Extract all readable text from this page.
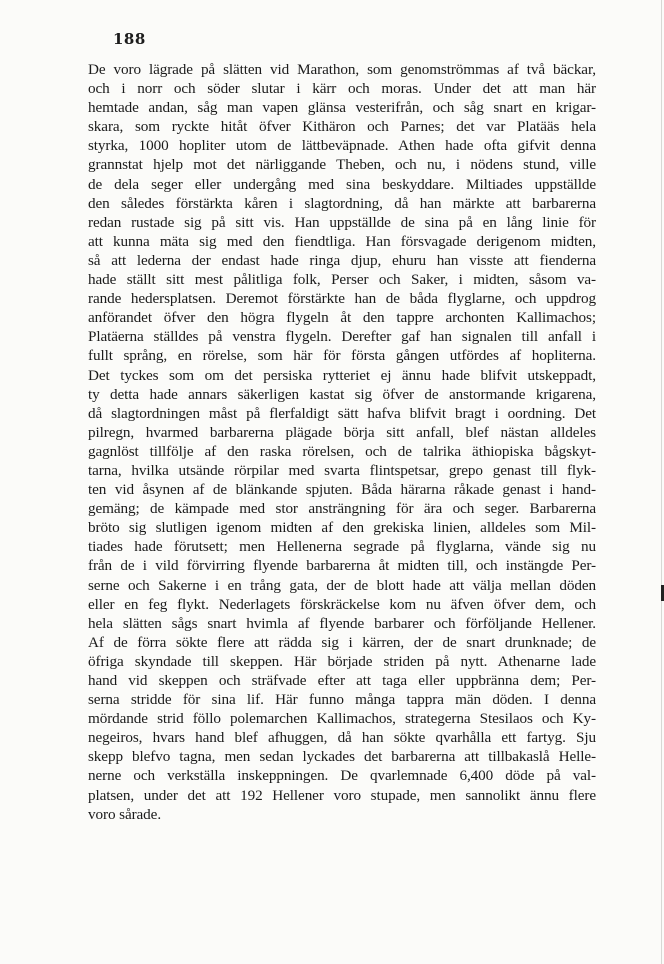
188
De voro lägrade på slätten vid Marathon, som genomströmmas af två bäckar,
och i norr och söder slutar i kärr och moras. Under det att man här
hemtade andan, såg man vapen glänsa vesterifrån, och såg snart en krigar-
skara, som ryckte hitåt öfver Kithäron och Parnes; det var Platääs hela
styrka, 1000 hopliter utom de lättbeväpnade. Athen hade ofta gifvit denna
grannstat hjelp mot det närliggande Theben, och nu, i nödens stund, ville
de dela seger eller undergång med sina beskyddare. Miltiades uppställde
den således förstärkta kåren i slagtordning, då han märkte att barbarerna
redan rustade sig på sitt vis. Han uppställde de sina på en lång linie för
att kunna mäta sig med den fiendtliga. Han försvagade derigenom midten,
så att lederna der endast hade ringa djup, ehuru han visste att fienderna
hade ställt sitt mest pålitliga folk, Perser och Saker, i midten, såsom va-
rande hedersplatsen. Deremot förstärkte han de båda flyglarne, och uppdrog
anförandet öfver den högra flygeln åt den tappre archonten Kallimachos;
Platäerna ställdes på venstra flygeln. Derefter gaf han signalen till anfall i
fullt språng, en rörelse, som här för första gången utfördes af hopliterna.
Det tyckes som om det persiska rytteriet ej ännu hade blifvit utskeppadt,
ty detta hade annars säkerligen kastat sig öfver de anstormande krigarena,
då slagtordningen måst på flerfaldigt sätt hafva blifvit bragt i oordning. Det
pilregn, hvarmed barbarerna plägade börja sitt anfall, blef nästan alldeles
gagnlöst tillfölje af den raska rörelsen, och de talrika äthiopiska bågskyt-
tarna, hvilka utsände rörpilar med svarta flintspetsar, grepo genast till flyk-
ten vid åsynen af de blänkande spjuten. Båda härarna råkade genast i hand-
gemäng; de kämpade med stor ansträngning för ära och seger. Barbarerna
bröto sig slutligen igenom midten af den grekiska linien, alldeles som Mil-
tiades hade förutsett; men Hellenerna segrade på flyglarna, vände sig nu
från de i vild förvirring flyende barbarerna åt midten till, och instängde Per-
serne och Sakerne i en trång gata, der de blott hade att välja mellan döden
eller en feg flykt. Nederlagets förskräckelse kom nu äfven öfver dem, och
hela slätten sågs snart hvimla af flyende barbarer och förföljande Hellener.
Af de förra sökte flere att rädda sig i kärren, der de snart drunknade; de
öfriga skyndade till skeppen. Här började striden på nytt. Athenarne lade
hand vid skeppen och sträfvade efter att taga eller uppbränna dem; Per-
serna stridde för sina lif. Här funno många tappra män döden. I denna
mördande strid föllo polemarchen Kallimachos, strategerna Stesilaos och Ky-
negeiros, hvars hand blef afhuggen, då han sökte qvarhålla ett fartyg. Sju
skepp blefvo tagna, men sedan lyckades det barbarerna att tillbakaslå Helle-
nerne och verkställa inskeppningen. De qvarlemnade 6,400 döde på val-
platsen, under det att 192 Hellener voro stupade, men sannolikt ännu flere
voro sårade.
